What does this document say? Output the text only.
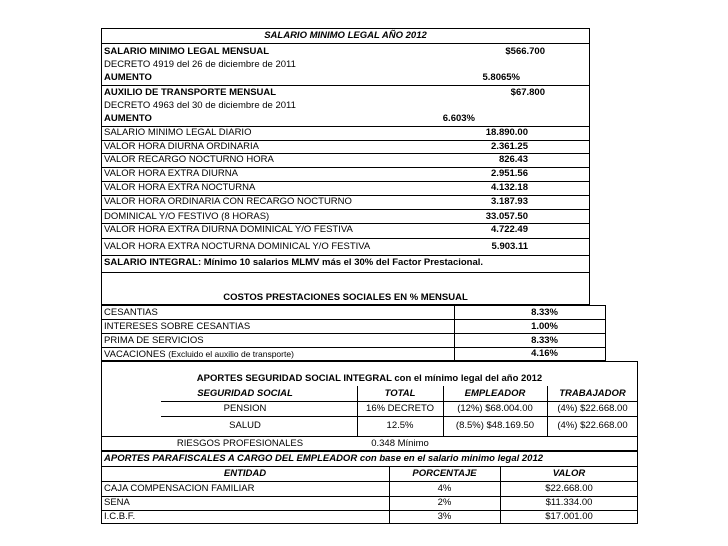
SALARIO MINIMO LEGAL AÑO 2012
SALARIO MINIMO LEGAL MENSUAL	$566.700
DECRETO 4919 del 26 de diciembre de 2011
AUMENTO	5.8065%
AUXILIO DE TRANSPORTE MENSUAL	$67.800
DECRETO 4963 del 30 de diciembre de 2011
AUMENTO	6.603%
SALARIO MINIMO LEGAL DIARIO	18.890.00
VALOR HORA DIURNA ORDINARIA	2.361.25
VALOR RECARGO NOCTURNO HORA	826.43
VALOR HORA EXTRA DIURNA	2.951.56
VALOR HORA EXTRA NOCTURNA	4.132.18
VALOR HORA ORDINARIA CON RECARGO NOCTURNO	3.187.93
DOMINICAL Y/O FESTIVO (8 HORAS)	33.057.50
VALOR HORA EXTRA DIURNA DOMINICAL Y/O FESTIVA	4.722.49
VALOR HORA EXTRA NOCTURNA DOMINICAL Y/O FESTIVA	5.903.11
SALARIO INTEGRAL: Mínimo 10 salarios MLMV más el 30% del Factor Prestacional.
COSTOS PRESTACIONES SOCIALES EN % MENSUAL
CESANTIAS	8.33%
INTERESES SOBRE CESANTIAS	1.00%
PRIMA DE SERVICIOS	8.33%
VACACIONES (Excluido el auxilio de transporte)	4.16%
APORTES SEGURIDAD SOCIAL INTEGRAL con el mínimo legal del año 2012
SEGURIDAD SOCIAL	TOTAL	EMPLEADOR	TRABAJADOR
PENSION	16% DECRETO	(12%) $68.004.00	(4%) $22.668.00
SALUD	12.5%	(8.5%) $48.169.50	(4%) $22.668.00
RIESGOS PROFESIONALES	0.348 Mínimo
APORTES PARAFISCALES A CARGO DEL EMPLEADOR con base en el salario minimo legal 2012
ENTIDAD	PORCENTAJE	VALOR
CAJA COMPENSACION FAMILIAR	4%	$22.668.00
SENA	2%	$11.334.00
I.C.B.F.	3%	$17.001.00
